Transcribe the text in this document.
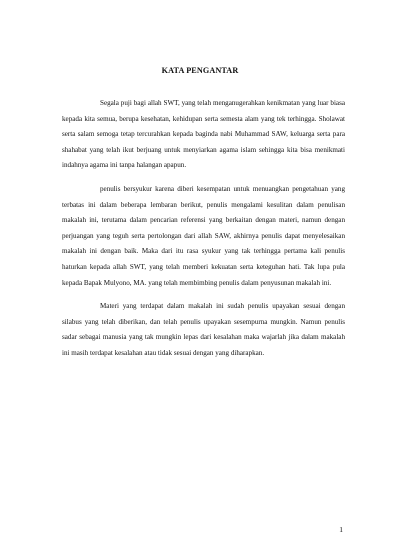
KATA PENGANTAR

Segala puji bagi allah SWT, yang telah menganugerahkan kenikmatan yang luar biasa kepada kita semua, berupa kesehatan, kehidupan serta semesta alam yang tek terhingga. Sholawat serta salam semoga tetap tercurahkan kepada baginda nabi Muhammad SAW, keluarga serta para shahabat yang telah ikut berjuang untuk menyiarkan agama islam sehingga kita bisa menikmati indahnya agama ini tanpa halangan apapun.

penulis bersyukur karena diberi kesempatan untuk menuangkan pengetahuan yang terbatas ini dalam beberapa lembaran berikut, penulis mengalami kesulitan dalam penulisan makalah ini, terutama dalam pencarian referensi yang berkaitan dengan materi, namun dengan perjuangan yang teguh serta pertolongan dari allah SAW, akhirnya penulis dapat menyelesaikan makalah ini dengan baik. Maka dari itu rasa syukur yang tak terhingga pertama kali penulis haturkan kepada allah SWT, yang telah memberi kekuatan serta keteguhan hati. Tak lupa pula kepada Bapak Mulyono, MA. yang telah membimbing penulis dalam penyusunan makalah ini.

Materi yang terdapat dalam makalah ini sudah penulis upayakan sesuai dengan silabus yang telah diberikan, dan telah penulis upayakan sesempurna mungkin. Namun penulis sadar sebagai manusia yang tak mungkin lepas dari kesalahan maka wajarlah jika dalam makalah ini masih terdapat kesalahan atau tidak sesuai dengan yang diharapkan.

1
